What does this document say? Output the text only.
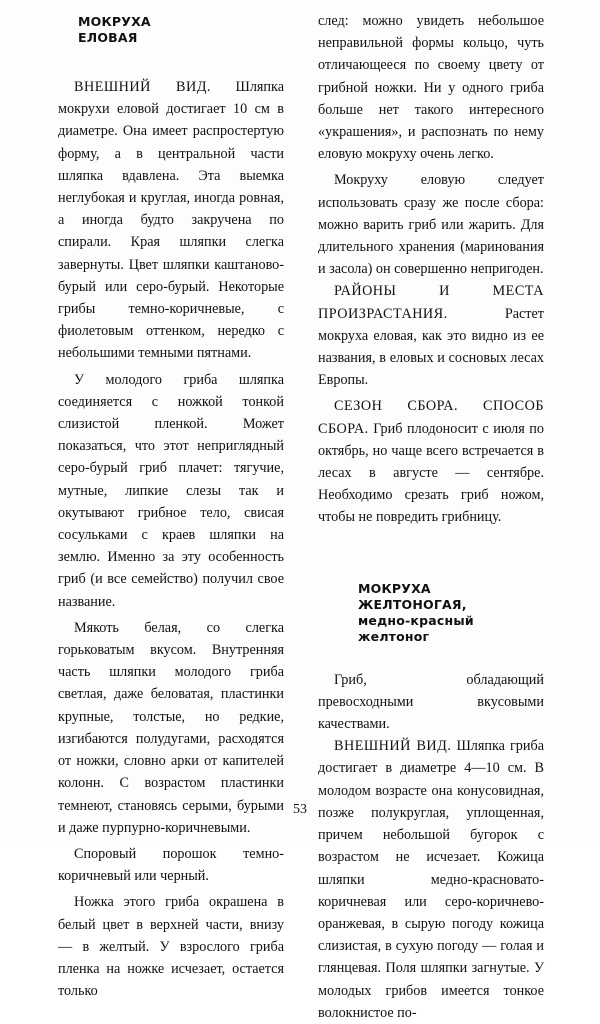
МОКРУХА
ЕЛОВАЯ

ВНЕШНИЙ ВИД. Шляпка мокрухи еловой достигает 10 см в диаметре. Она имеет распростертую форму, а в центральной части шляпка вдавлена. Эта выемка неглубокая и круглая, иногда ровная, а иногда будто закручена по спирали. Края шляпки слегка завернуты. Цвет шляпки каштаново-бурый или серо-бурый. Некоторые грибы темно-коричневые, с фиолетовым оттенком, нередко с небольшими темными пятнами.

У молодого гриба шляпка соединяется с ножкой тонкой слизистой пленкой. Может показаться, что этот неприглядный серо-бурый гриб плачет: тягучие, мутные, липкие слезы так и окутывают грибное тело, свисая сосульками с краев шляпки на землю. Именно за эту особенность гриб (и все семейство) получил свое название.

Мякоть белая, со слегка горьковатым вкусом. Внутренняя часть шляпки молодого гриба светлая, даже беловатая, пластинки крупные, толстые, но редкие, изгибаются полудугами, расходятся от ножки, словно арки от капителей колонн. С возрастом пластинки темнеют, становясь серыми, бурыми и даже пурпурно-коричневыми.

Споровый порошок темно-коричневый или черный.

Ножка этого гриба окрашена в белый цвет в верхней части, внизу — в желтый. У взрослого гриба пленка на ножке исчезает, остается только

след: можно увидеть небольшое неправильной формы кольцо, чуть отличающееся по своему цвету от грибной ножки. Ни у одного гриба больше нет такого интересного «украшения», и распознать по нему еловую мокруху очень легко.

Мокруху еловую следует использовать сразу же после сбора: можно варить гриб или жарить. Для длительного хранения (маринования и засола) он совершенно непригоден.

РАЙОНЫ И МЕСТА ПРОИЗРАСТАНИЯ.	Растет мокруха еловая, как это видно из ее названия, в еловых и сосновых лесах Европы.

СЕЗОН СБОРА. СПОСОБ СБОРА. Гриб плодоносит с июля по октябрь, но чаще всего встречается в лесах в августе — сентябре. Необходимо срезать гриб ножом, чтобы не повредить грибницу.

МОКРУХА
ЖЕЛТОНОГАЯ,
медно-красный желтоног

Гриб, обладающий превосходными вкусовыми качествами.

ВНЕШНИЙ ВИД. Шляпка гриба достигает в диаметре 4—10 см. В молодом возрасте она конусовидная, позже полукруглая, уплощенная, причем небольшой бугорок с возрастом не исчезает. Кожица шляпки медно-красновато-коричневая или серо-коричнево-оранжевая, в сырую погоду кожица слизистая, в сухую погоду — голая и глянцевая. Поля шляпки загнутые. У молодых грибов имеется тонкое волокнистое по-

53
